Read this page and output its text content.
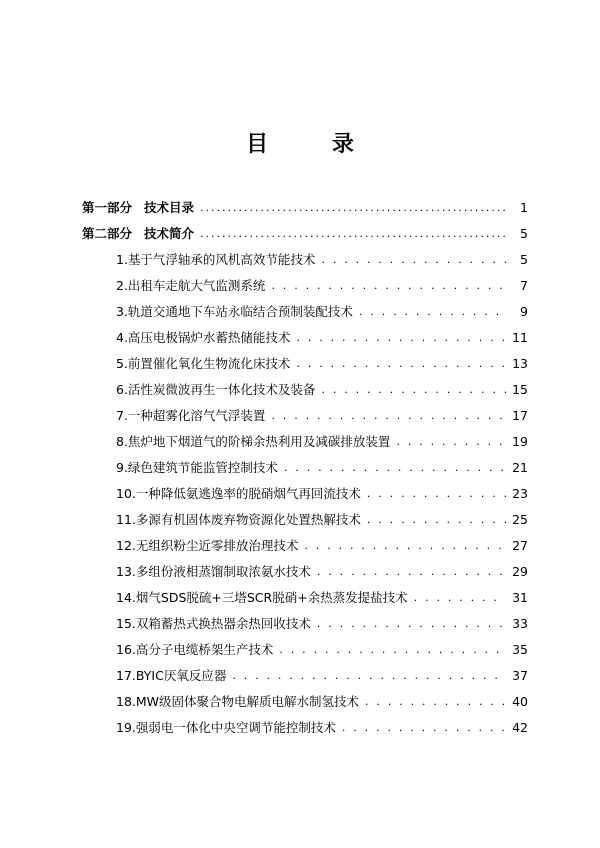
目 录
第一部分 技术目录 .....	1
第二部分 技术简介 .....	5
1.基于气浮轴承的风机高效节能技术 . . .	5
2.出租车走航大气监测系统 . . .	7
3.轨道交通地下车站永临结合预制装配技术 . . .	9
4.高压电极锅炉水蓄热储能技术 . . .	11
5.前置催化氧化生物流化床技术 . . .	13
6.活性炭微波再生一体化技术及装备 . . .	15
7.一种超雾化溶气气浮装置 . . .	17
8.焦炉地下烟道气的阶梯余热利用及减碳排放装置 . . .	19
9.绿色建筑节能监管控制技术 . . .	21
10.一种降低氨逃逸率的脱硝烟气再回流技术 . . .	23
11.多源有机固体废弃物资源化处置热解技术 . . .	25
12.无组织粉尘近零排放治理技术 . . .	27
13.多组份液相蒸馏制取浓氨水技术 . . .	29
14.烟气SDS脱硫+三塔SCR脱硝+余热蒸发提盐技术 . . .	31
15.双箱蓄热式换热器余热回收技术 . . .	33
16.高分子电缆桥架生产技术 . . .	35
17.BYIC厌氧反应器 . . .	37
18.MW级固体聚合物电解质电解水制氢技术 . . .	40
19.强弱电一体化中央空调节能控制技术 . . .	42
